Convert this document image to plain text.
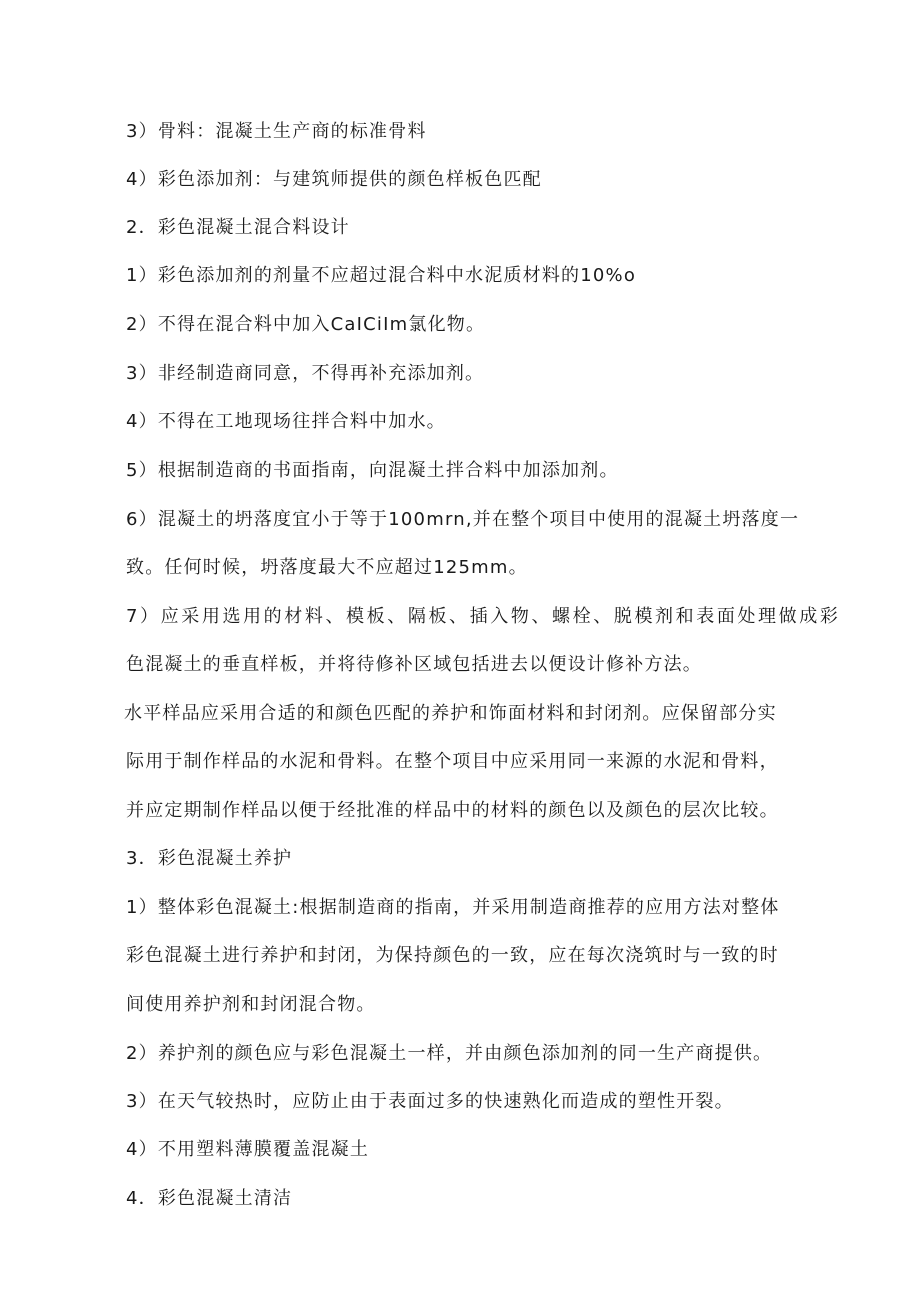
3）骨料：混凝土生产商的标准骨料
4）彩色添加剂：与建筑师提供的颜色样板色匹配
2．彩色混凝土混合料设计
1）彩色添加剂的剂量不应超过混合料中水泥质材料的10%o
2）不得在混合料中加入CaICiIm氯化物。
3）非经制造商同意，不得再补充添加剂。
4）不得在工地现场往拌合料中加水。
5）根据制造商的书面指南，向混凝土拌合料中加添加剂。
6）混凝土的坍落度宜小于等于100mrn,并在整个项目中使用的混凝土坍落度一
致。任何时候，坍落度最大不应超过125mm。
7）应采用选用的材料、模板、隔板、插入物、螺栓、脱模剂和表面处理做成彩
色混凝土的垂直样板，并将待修补区域包括进去以便设计修补方法。
水平样品应采用合适的和颜色匹配的养护和饰面材料和封闭剂。应保留部分实
际用于制作样品的水泥和骨料。在整个项目中应采用同一来源的水泥和骨料，
并应定期制作样品以便于经批准的样品中的材料的颜色以及颜色的层次比较。
3．彩色混凝土养护
1）整体彩色混凝土:根据制造商的指南，并采用制造商推荐的应用方法对整体
彩色混凝土进行养护和封闭，为保持颜色的一致，应在每次浇筑时与一致的时
间使用养护剂和封闭混合物。
2）养护剂的颜色应与彩色混凝土一样，并由颜色添加剂的同一生产商提供。
3）在天气较热时，应防止由于表面过多的快速熟化而造成的塑性开裂。
4）不用塑料薄膜覆盖混凝土
4．彩色混凝土清洁
